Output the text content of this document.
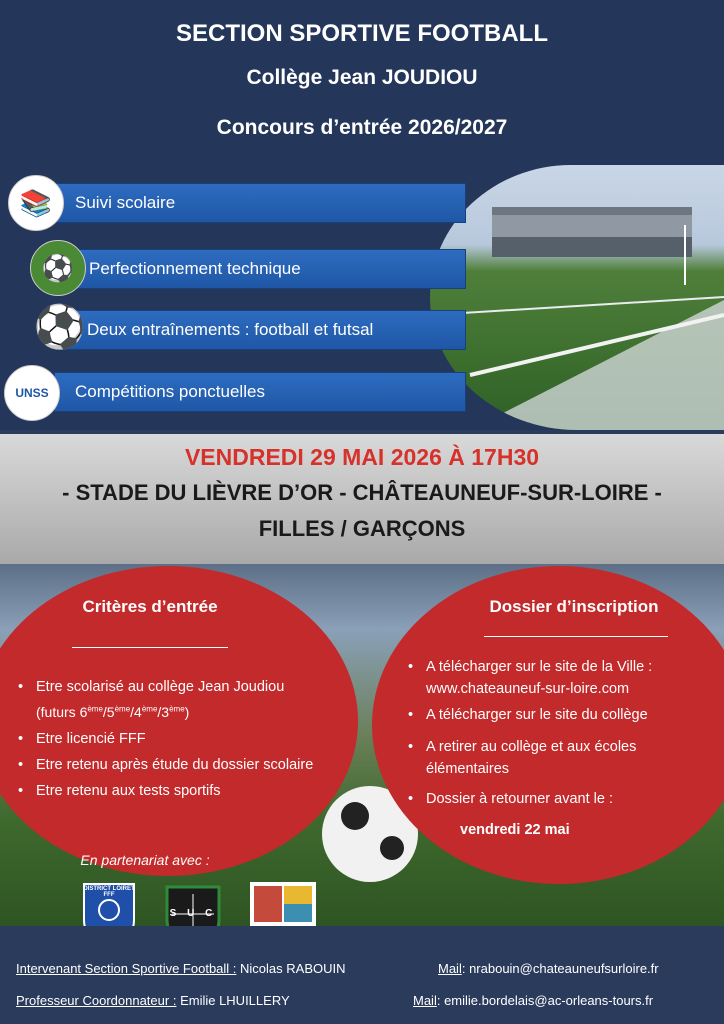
SECTION SPORTIVE FOOTBALL
Collège Jean JOUDIOU
Concours d’entrée 2026/2027
Suivi scolaire
📚
Perfectionnement technique
⚽
Deux entraînements : football et futsal
⚽
Compétitions ponctuelles
UNSS
VENDREDI 29 MAI 2026 À 17H30
- STADE DU LIÈVRE D’OR - CHÂTEAUNEUF-SUR-LOIRE -
FILLES / GARÇONS
Critères d’entrée
• Etre scolarisé au collège Jean Joudiou
(futurs 6ème/5ème/4ème/3ème)
• Etre licencié FFF
• Etre retenu après étude du dossier scolaire
• Etre retenu aux tests sportifs
Dossier d’inscription
• A télécharger sur le site de la Ville :
www.chateauneuf-sur-loire.com
• A télécharger sur le site du collège
• A retirer au collège et aux écoles élémentaires
• Dossier à retourner avant le :
vendredi 22 mai
En partenariat avec :
DISTRICT LOIRET FFF
S U C
Intervenant Section Sportive Football : Nicolas RABOUIN	Mail: nrabouin@chateauneufsurloire.fr
Professeur Coordonnateur : Emilie LHUILLERY	Mail: emilie.bordelais@ac-orleans-tours.fr
